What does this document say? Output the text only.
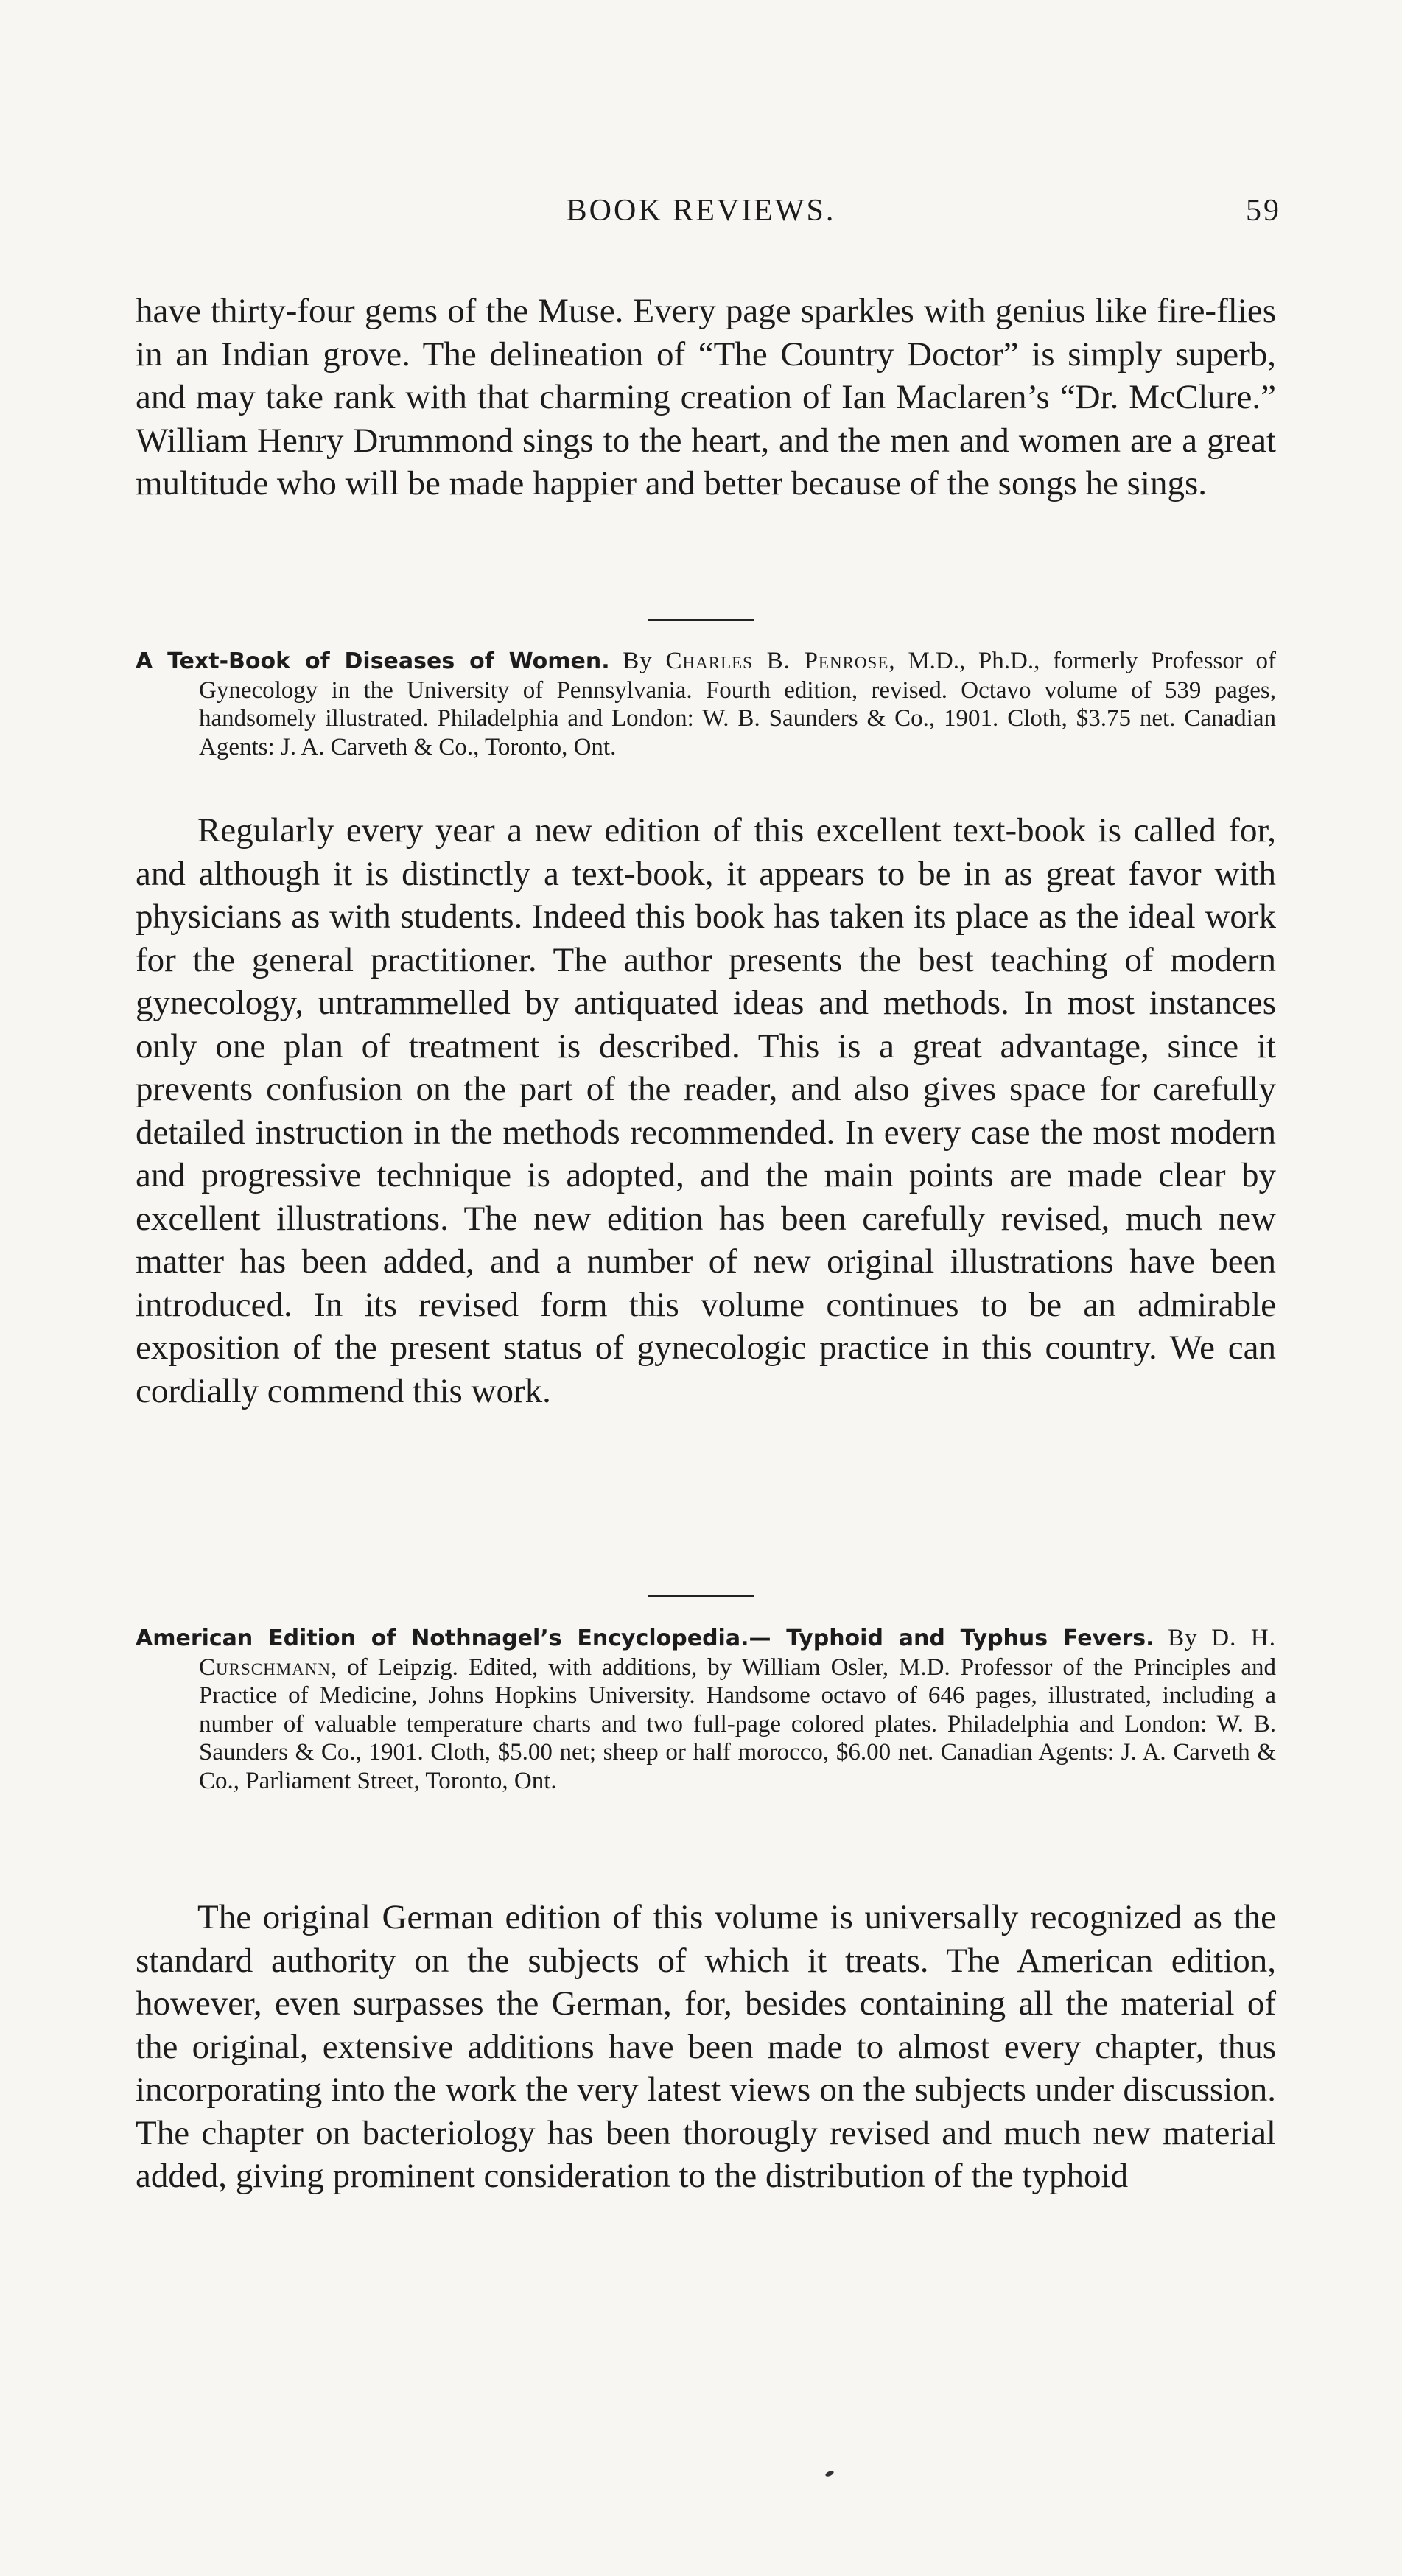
BOOK REVIEWS.	59

have thirty-four gems of the Muse. Every page sparkles with genius like fire-flies in an Indian grove. The delineation of “The Country Doctor” is simply superb, and may take rank with that charming creation of Ian Maclaren’s “Dr. McClure.” William Henry Drummond sings to the heart, and the men and women are a great multitude who will be made happier and better because of the songs he sings.

A Text-Book of Diseases of Women. By Charles B. Penrose, M.D., Ph.D., formerly Professor of Gynecology in the University of Pennsylvania. Fourth edition, revised. Octavo volume of 539 pages, handsomely illustrated. Philadelphia and London: W. B. Saunders & Co., 1901. Cloth, $3.75 net. Canadian Agents: J. A. Carveth & Co., Toronto, Ont.

Regularly every year a new edition of this excellent text-book is called for, and although it is distinctly a text-book, it appears to be in as great favor with physicians as with students. Indeed this book has taken its place as the ideal work for the general practitioner. The author presents the best teaching of modern gynecology, untrammelled by antiquated ideas and methods. In most instances only one plan of treatment is described. This is a great advantage, since it prevents confusion on the part of the reader, and also gives space for carefully detailed instruction in the methods recommended. In every case the most modern and progressive technique is adopted, and the main points are made clear by excellent illustrations. The new edition has been carefully revised, much new matter has been added, and a number of new original illustrations have been introduced. In its revised form this volume continues to be an admirable exposition of the present status of gynecologic practice in this country. We can cordially commend this work.

American Edition of Nothnagel’s Encyclopedia.— Typhoid and Typhus Fevers. By D. H. Curschmann, of Leipzig. Edited, with additions, by William Osler, M.D. Professor of the Principles and Practice of Medicine, Johns Hopkins University. Handsome octavo of 646 pages, illustrated, including a number of valuable temperature charts and two full-page colored plates. Philadelphia and London: W. B. Saunders & Co., 1901. Cloth, $5.00 net; sheep or half morocco, $6.00 net. Canadian Agents: J. A. Carveth & Co., Parliament Street, Toronto, Ont.

The original German edition of this volume is universally recognized as the standard authority on the subjects of which it treats. The American edition, however, even surpasses the German, for, besides containing all the material of the original, extensive additions have been made to almost every chapter, thus incorporating into the work the very latest views on the subjects under discussion. The chapter on bacteriology has been thorougly revised and much new material added, giving prominent consideration to the distribution of the typhoid
